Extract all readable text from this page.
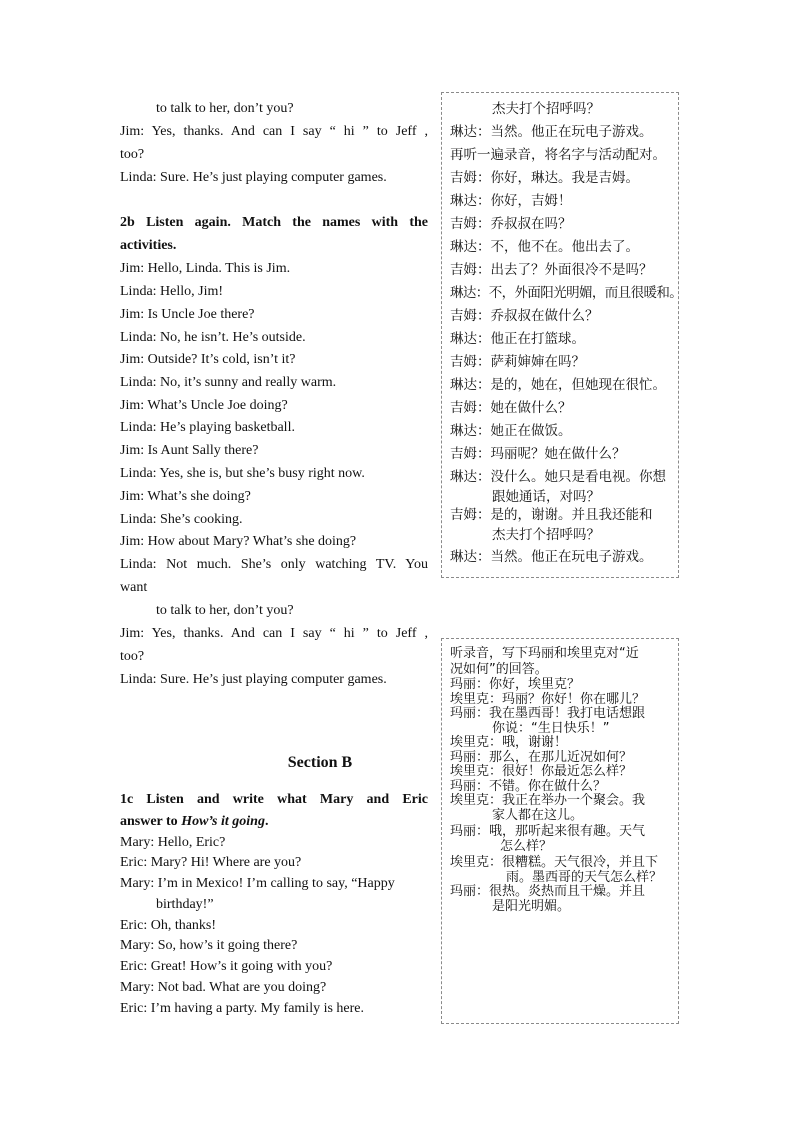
to talk to her, don’t you?
Jim: Yes, thanks. And can I say “ hi ” to Jeff ,
too?
Linda: Sure. He’s just playing computer games.
2b Listen again. Match the names with the
activities.
Jim: Hello, Linda. This is Jim.
Linda: Hello, Jim!
Jim: Is Uncle Joe there?
Linda: No, he isn’t. He’s outside.
Jim: Outside? It’s cold, isn’t it?
Linda: No, it’s sunny and really warm.
Jim: What’s Uncle Joe doing?
Linda: He’s playing basketball.
Jim: Is Aunt Sally there?
Linda: Yes, she is, but she’s busy right now.
Jim: What’s she doing?
Linda: She’s cooking.
Jim: How about Mary? What’s she doing?
Linda: Not much. She’s only watching TV. You
want
to talk to her, don’t you?
Jim: Yes, thanks. And can I say “ hi ” to Jeff ,
too?
Linda: Sure. He’s just playing computer games.
1c Listen and write what Mary and Eric
answer to How’s it going.
Mary: Hello, Eric?
Eric: Mary? Hi! Where are you?
Mary: I’m in Mexico! I’m calling to say, “Happy
birthday!”
Eric: Oh, thanks!
Mary: So, how’s it going there?
Eric: Great! How’s it going with you?
Mary: Not bad. What are you doing?
Eric: I’m having a party. My family is here.
Section B
杰夫打个招呼吗？
琳达：当然。他正在玩电子游戏。
再听一遍录音，将名字与活动配对。
吉姆：你好，琳达。我是吉姆。
琳达：你好，吉姆！
吉姆：乔叔叔在吗？
琳达：不，他不在。他出去了。
吉姆：出去了？外面很冷不是吗？
琳达：不，外面阳光明媚，而且很暖和。
吉姆：乔叔叔在做什么？
琳达：他正在打篮球。
吉姆：萨莉婶婶在吗？
琳达：是的，她在，但她现在很忙。
吉姆：她在做什么？
琳达：她正在做饭。
吉姆：玛丽呢？她在做什么？
琳达：没什么。她只是看电视。你想
跟她通话，对吗？
吉姆：是的，谢谢。并且我还能和
杰夫打个招呼吗？
琳达：当然。他正在玩电子游戏。
听录音，写下玛丽和埃里克对“近
况如何”的回答。
玛丽：你好，埃里克？
埃里克：玛丽？你好！你在哪儿？
玛丽：我在墨西哥！我打电话想跟
你说：“生日快乐！”
埃里克：哦，谢谢！
玛丽：那么，在那儿近况如何？
埃里克：很好！你最近怎么样？
玛丽：不错。你在做什么？
埃里克：我正在举办一个聚会。我
家人都在这儿。
玛丽：哦，那听起来很有趣。天气
怎么样？
埃里克：很糟糕。天气很冷，并且下
雨。墨西哥的天气怎么样？
玛丽：很热。炎热而且干燥。并且
是阳光明媚。
